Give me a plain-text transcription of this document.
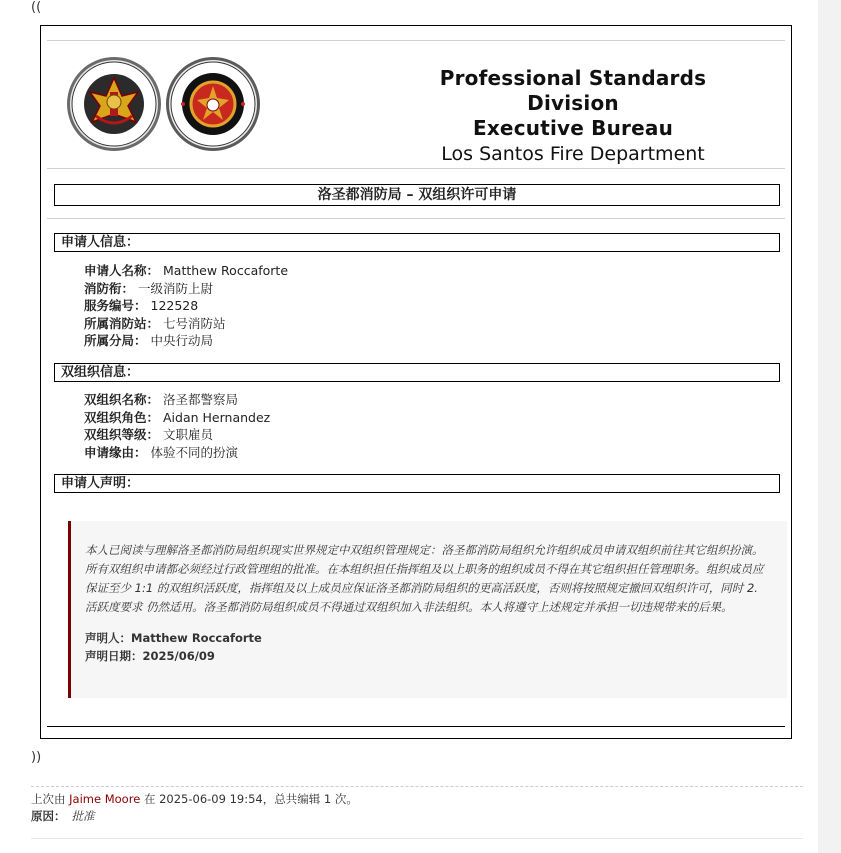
((
Professional Standards Division
Executive Bureau
Los Santos Fire Department
洛圣都消防局 – 双组织许可申请
申请人信息：
申请人名称： Matthew Roccaforte
消防衔： 一级消防上尉
服务编号： 122528
所属消防站： 七号消防站
所属分局： 中央行动局
双组织信息：
双组织名称： 洛圣都警察局
双组织角色： Aidan Hernandez
双组织等级： 文职雇员
申请缘由： 体验不同的扮演
申请人声明：
本人已阅读与理解洛圣都消防局组织现实世界规定中双组织管理规定：洛圣都消防局组织允许组织成员申请双组织前往其它组织扮演。所有双组织申请都必须经过行政管理组的批准。在本组织担任指挥组及以上职务的组织成员不得在其它组织担任管理职务。组织成员应保证至少 1:1 的双组织活跃度，指挥组及以上成员应保证洛圣都消防局组织的更高活跃度，否则将按照规定撤回双组织许可，同时 2. 活跃度要求 仍然适用。洛圣都消防局组织成员不得通过双组织加入非法组织。本人将遵守上述规定并承担一切违规带来的后果。
声明人：Matthew Roccaforte
声明日期：2025/06/09
))
上次由 Jaime Moore 在 2025-06-09 19:54，总共编辑 1 次。
原因： 批准
